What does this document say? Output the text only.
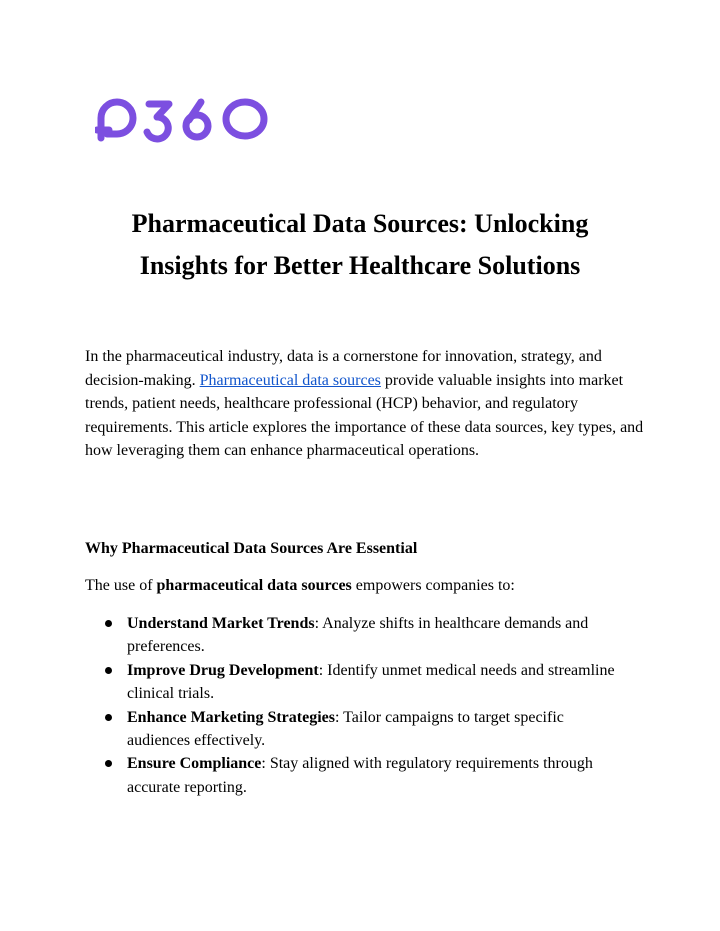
Pharmaceutical Data Sources: Unlocking
Insights for Better Healthcare Solutions

In the pharmaceutical industry, data is a cornerstone for innovation, strategy, and decision-making. Pharmaceutical data sources provide valuable insights into market trends, patient needs, healthcare professional (HCP) behavior, and regulatory requirements. This article explores the importance of these data sources, key types, and how leveraging them can enhance pharmaceutical operations.

Why Pharmaceutical Data Sources Are Essential

The use of pharmaceutical data sources empowers companies to:

Understand Market Trends: Analyze shifts in healthcare demands and preferences.
Improve Drug Development: Identify unmet medical needs and streamline clinical trials.
Enhance Marketing Strategies: Tailor campaigns to target specific audiences effectively.
Ensure Compliance: Stay aligned with regulatory requirements through accurate reporting.
